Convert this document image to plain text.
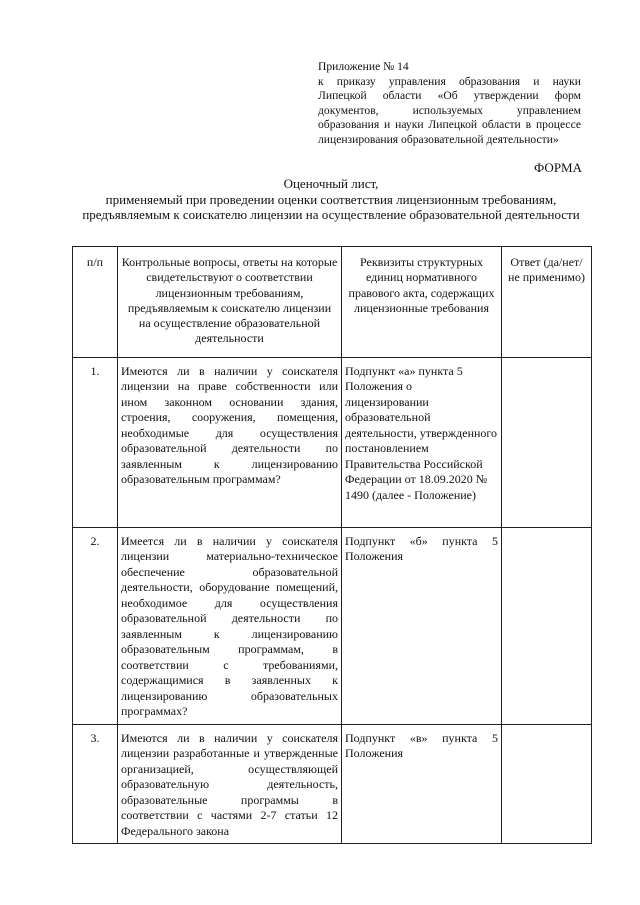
Приложение № 14
к приказу управления образования и науки Липецкой области «Об утверждении форм документов, используемых управлением образования и науки Липецкой области в процессе лицензирования образовательной деятельности»
ФОРМА
Оценочный лист,
применяемый при проведении оценки соответствия лицензионным требованиям, предъявляемым к соискателю лицензии на осуществление образовательной деятельности
п/п	Контрольные вопросы, ответы на которые свидетельствуют о соответствии лицензионным требованиям, предъявляемым к соискателю лицензии на осуществление образовательной деятельности	Реквизиты структурных единиц нормативного правового акта, содержащих лицензионные требования	Ответ (да/нет/не применимо)
1.	Имеются ли в наличии у соискателя лицензии на праве собственности или ином законном основании здания, строения, сооружения, помещения, необходимые для осуществления образовательной деятельности по заявленным к лицензированию образовательным программам?	Подпункт «а» пункта 5 Положения о лицензировании образовательной деятельности, утвержденного постановлением Правительства Российской Федерации от 18.09.2020 № 1490 (далее - Положение)	
2.	Имеется ли в наличии у соискателя лицензии материально-техническое обеспечение образовательной деятельности, оборудование помещений, необходимое для осуществления образовательной деятельности по заявленным к лицензированию образовательным программам, в соответствии с требованиями, содержащимися в заявленных к лицензированию образовательных программах?	Подпункт «б» пункта 5 Положения	
3.	Имеются ли в наличии у соискателя лицензии разработанные и утвержденные организацией, осуществляющей образовательную деятельность, образовательные программы в соответствии с частями 2-7 статьи 12 Федерального закона	Подпункт «в» пункта 5 Положения	
